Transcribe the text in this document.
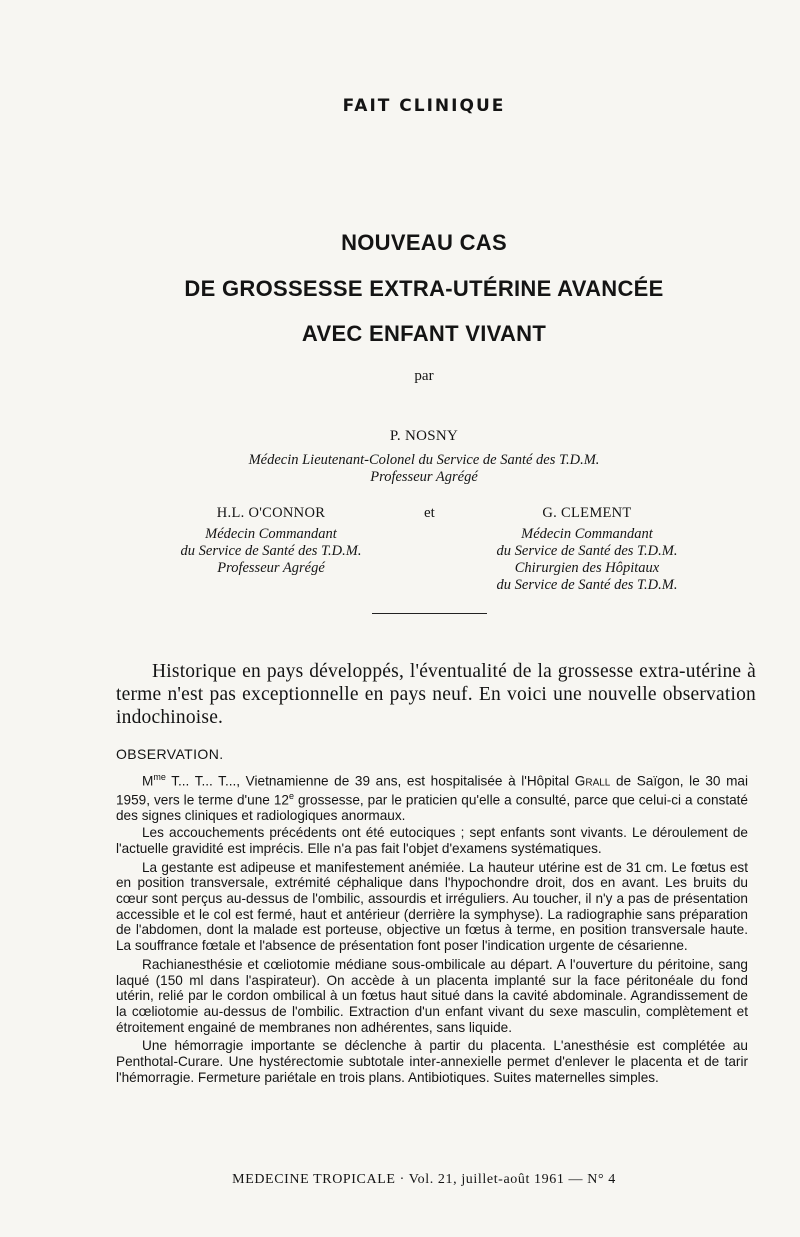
FAIT CLINIQUE
NOUVEAU CAS
DE GROSSESSE EXTRA-UTÉRINE AVANCÉE
AVEC ENFANT VIVANT
par
P. NOSNY
Médecin Lieutenant-Colonel du Service de Santé des T.D.M.
Professeur Agrégé
H.L. O'CONNOR
Médecin Commandant
du Service de Santé des T.D.M.
Professeur Agrégé
et	G. CLEMENT
Médecin Commandant
du Service de Santé des T.D.M.
Chirurgien des Hôpitaux
du Service de Santé des T.D.M.
Historique en pays développés, l'éventualité de la grossesse extra-utérine à terme n'est pas exceptionnelle en pays neuf. En voici une nouvelle observation indochinoise.
OBSERVATION.

$M^{me}$ T... T... T..., Vietnamienne de 39 ans, est hospitalisée à l'Hôpital Grall de Saïgon, le 30 mai 1959, vers le terme d'une 12e grossesse, par le praticien qu'elle a consulté, parce que celui-ci a constaté des signes cliniques et radiologiques anormaux.

Les accouchements précédents ont été eutociques ; sept enfants sont vivants. Le déroulement de l'actuelle gravidité est imprécis. Elle n'a pas fait l'objet d'examens systématiques.

La gestante est adipeuse et manifestement anémiée. La hauteur utérine est de 31 cm. Le fœtus est en position transversale, extrémité céphalique dans l'hypochondre droit, dos en avant. Les bruits du cœur sont perçus au-dessus de l'ombilic, assourdis et irréguliers. Au toucher, il n'y a pas de présentation accessible et le col est fermé, haut et antérieur (derrière la symphyse). La radiographie sans préparation de l'abdomen, dont la malade est porteuse, objective un fœtus à terme, en position transversale haute. La souffrance fœtale et l'absence de présentation font poser l'indication urgente de césarienne.

Rachianesthésie et cœliotomie médiane sous-ombilicale au départ. A l'ouverture du péritoine, sang laqué (150 ml dans l'aspirateur). On accède à un placenta implanté sur la face péritonéale du fond utérin, relié par le cordon ombilical à un fœtus haut situé dans la cavité abdominale. Agrandissement de la cœliotomie au-dessus de l'ombilic. Extraction d'un enfant vivant du sexe masculin, complètement et étroitement engainé de membranes non adhérentes, sans liquide.

Une hémorragie importante se déclenche à partir du placenta. L'anesthésie est complétée au Penthotal-Curare. Une hystérectomie subtotale inter-annexielle permet d'enlever le placenta et de tarir l'hémorragie. Fermeture pariétale en trois plans. Antibiotiques. Suites maternelles simples.

MEDECINE TROPICALE · Vol. 21, juillet-août 1961 — N° 4
